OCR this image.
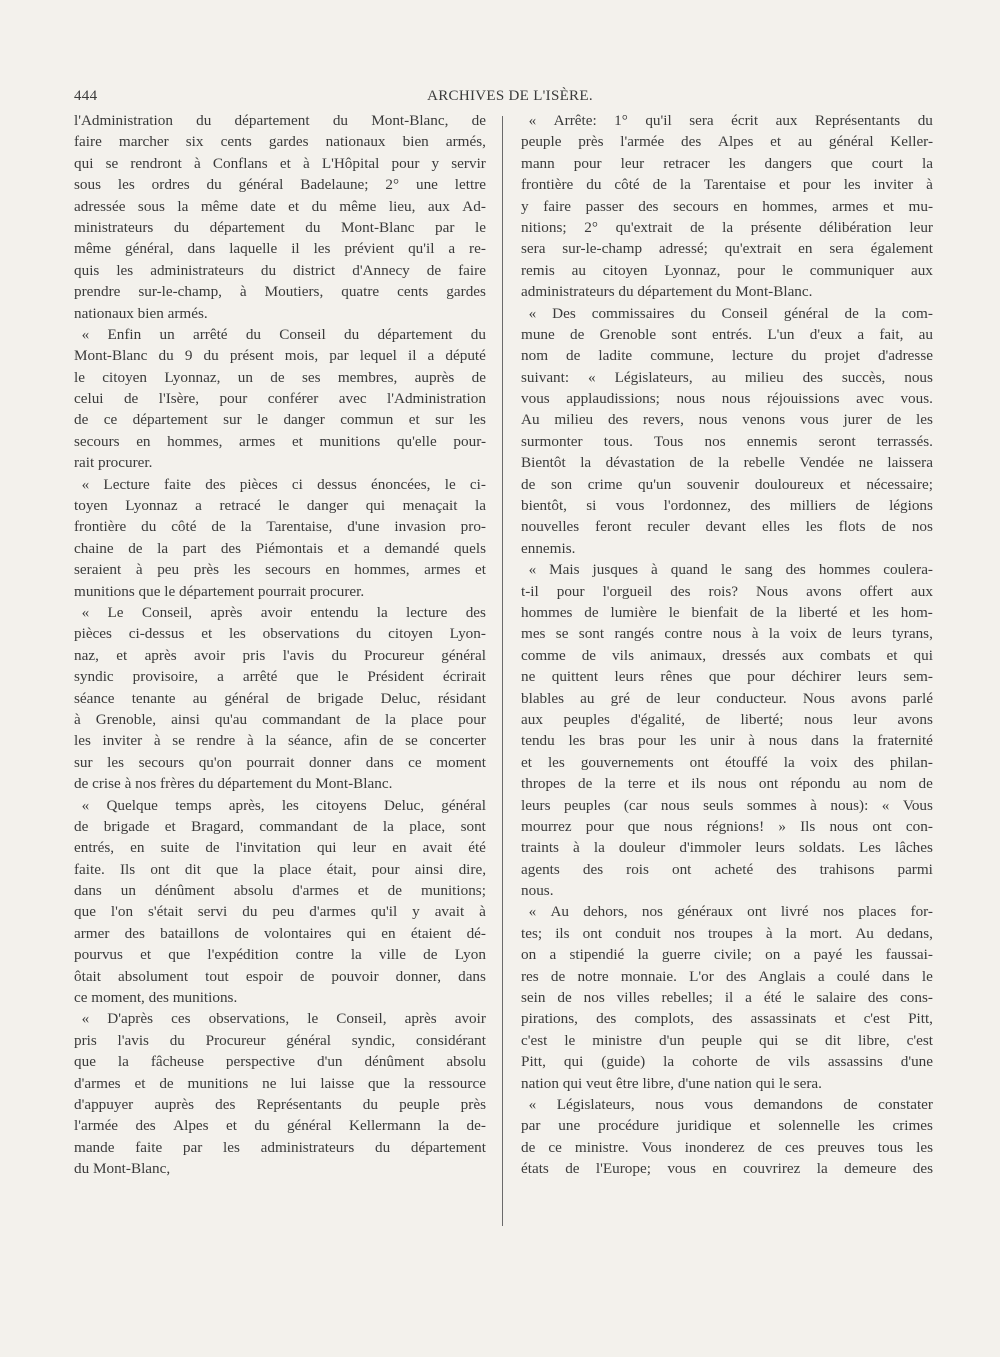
444	ARCHIVES DE L'ISÈRE.
l'Administration du département du Mont-Blanc, de
faire marcher six cents gardes nationaux bien armés,
qui se rendront à Conflans et à L'Hôpital pour y servir
sous les ordres du général Badelaune; 2° une lettre
adressée sous la même date et du même lieu, aux Ad-
ministrateurs du département du Mont-Blanc par le
même général, dans laquelle il les prévient qu'il a re-
quis les administrateurs du district d'Annecy de faire
prendre sur-le-champ, à Moutiers, quatre cents gardes
nationaux bien armés.
« Enfin un arrêté du Conseil du département du
Mont-Blanc du 9 du présent mois, par lequel il a député
le citoyen Lyonnaz, un de ses membres, auprès de
celui de l'Isère, pour conférer avec l'Administration
de ce département sur le danger commun et sur les
secours en hommes, armes et munitions qu'elle pour-
rait procurer.
« Lecture faite des pièces ci dessus énoncées, le ci-
toyen Lyonnaz a retracé le danger qui menaçait la
frontière du côté de la Tarentaise, d'une invasion pro-
chaine de la part des Piémontais et a demandé quels
seraient à peu près les secours en hommes, armes et
munitions que le département pourrait procurer.
« Le Conseil, après avoir entendu la lecture des
pièces ci-dessus et les observations du citoyen Lyon-
naz, et après avoir pris l'avis du Procureur général
syndic provisoire, a arrêté que le Président écrirait
séance tenante au général de brigade Deluc, résidant
à Grenoble, ainsi qu'au commandant de la place pour
les inviter à se rendre à la séance, afin de se concerter
sur les secours qu'on pourrait donner dans ce moment
de crise à nos frères du département du Mont-Blanc.
« Quelque temps après, les citoyens Deluc, général
de brigade et Bragard, commandant de la place, sont
entrés, en suite de l'invitation qui leur en avait été
faite. Ils ont dit que la place était, pour ainsi dire,
dans un dénûment absolu d'armes et de munitions;
que l'on s'était servi du peu d'armes qu'il y avait à
armer des bataillons de volontaires qui en étaient dé-
pourvus et que l'expédition contre la ville de Lyon
ôtait absolument tout espoir de pouvoir donner, dans
ce moment, des munitions.
« D'après ces observations, le Conseil, après avoir
pris l'avis du Procureur général syndic, considérant
que la fâcheuse perspective d'un dénûment absolu
d'armes et de munitions ne lui laisse que la ressource
d'appuyer auprès des Représentants du peuple près
l'armée des Alpes et du général Kellermann la de-
mande faite par les administrateurs du département
du Mont-Blanc,
« Arrête: 1° qu'il sera écrit aux Représentants du
peuple près l'armée des Alpes et au général Keller-
mann pour leur retracer les dangers que court la
frontière du côté de la Tarentaise et pour les inviter à
y faire passer des secours en hommes, armes et mu-
nitions; 2° qu'extrait de la présente délibération leur
sera sur-le-champ adressé; qu'extrait en sera également
remis au citoyen Lyonnaz, pour le communiquer aux
administrateurs du département du Mont-Blanc.
« Des commissaires du Conseil général de la com-
mune de Grenoble sont entrés. L'un d'eux a fait, au
nom de ladite commune, lecture du projet d'adresse
suivant: « Législateurs, au milieu des succès, nous
vous applaudissions; nous nous réjouissions avec vous.
Au milieu des revers, nous venons vous jurer de les
surmonter tous. Tous nos ennemis seront terrassés.
Bientôt la dévastation de la rebelle Vendée ne laissera
de son crime qu'un souvenir douloureux et nécessaire;
bientôt, si vous l'ordonnez, des milliers de légions
nouvelles feront reculer devant elles les flots de nos
ennemis.
« Mais jusques à quand le sang des hommes coulera-
t-il pour l'orgueil des rois? Nous avons offert aux
hommes de lumière le bienfait de la liberté et les hom-
mes se sont rangés contre nous à la voix de leurs tyrans,
comme de vils animaux, dressés aux combats et qui
ne quittent leurs rênes que pour déchirer leurs sem-
blables au gré de leur conducteur. Nous avons parlé
aux peuples d'égalité, de liberté; nous leur avons
tendu les bras pour les unir à nous dans la fraternité
et les gouvernements ont étouffé la voix des philan-
thropes de la terre et ils nous ont répondu au nom de
leurs peuples (car nous seuls sommes à nous): « Vous
mourrez pour que nous régnions! » Ils nous ont con-
traints à la douleur d'immoler leurs soldats. Les lâches
agents des rois ont acheté des trahisons parmi
nous.
« Au dehors, nos généraux ont livré nos places for-
tes; ils ont conduit nos troupes à la mort. Au dedans,
on a stipendié la guerre civile; on a payé les faussai-
res de notre monnaie. L'or des Anglais a coulé dans le
sein de nos villes rebelles; il a été le salaire des cons-
pirations, des complots, des assassinats et c'est Pitt,
c'est le ministre d'un peuple qui se dit libre, c'est
Pitt, qui (guide) la cohorte de vils assassins d'une
nation qui veut être libre, d'une nation qui le sera.
« Législateurs, nous vous demandons de constater
par une procédure juridique et solennelle les crimes
de ce ministre. Vous inonderez de ces preuves tous les
états de l'Europe; vous en couvrirez la demeure des
